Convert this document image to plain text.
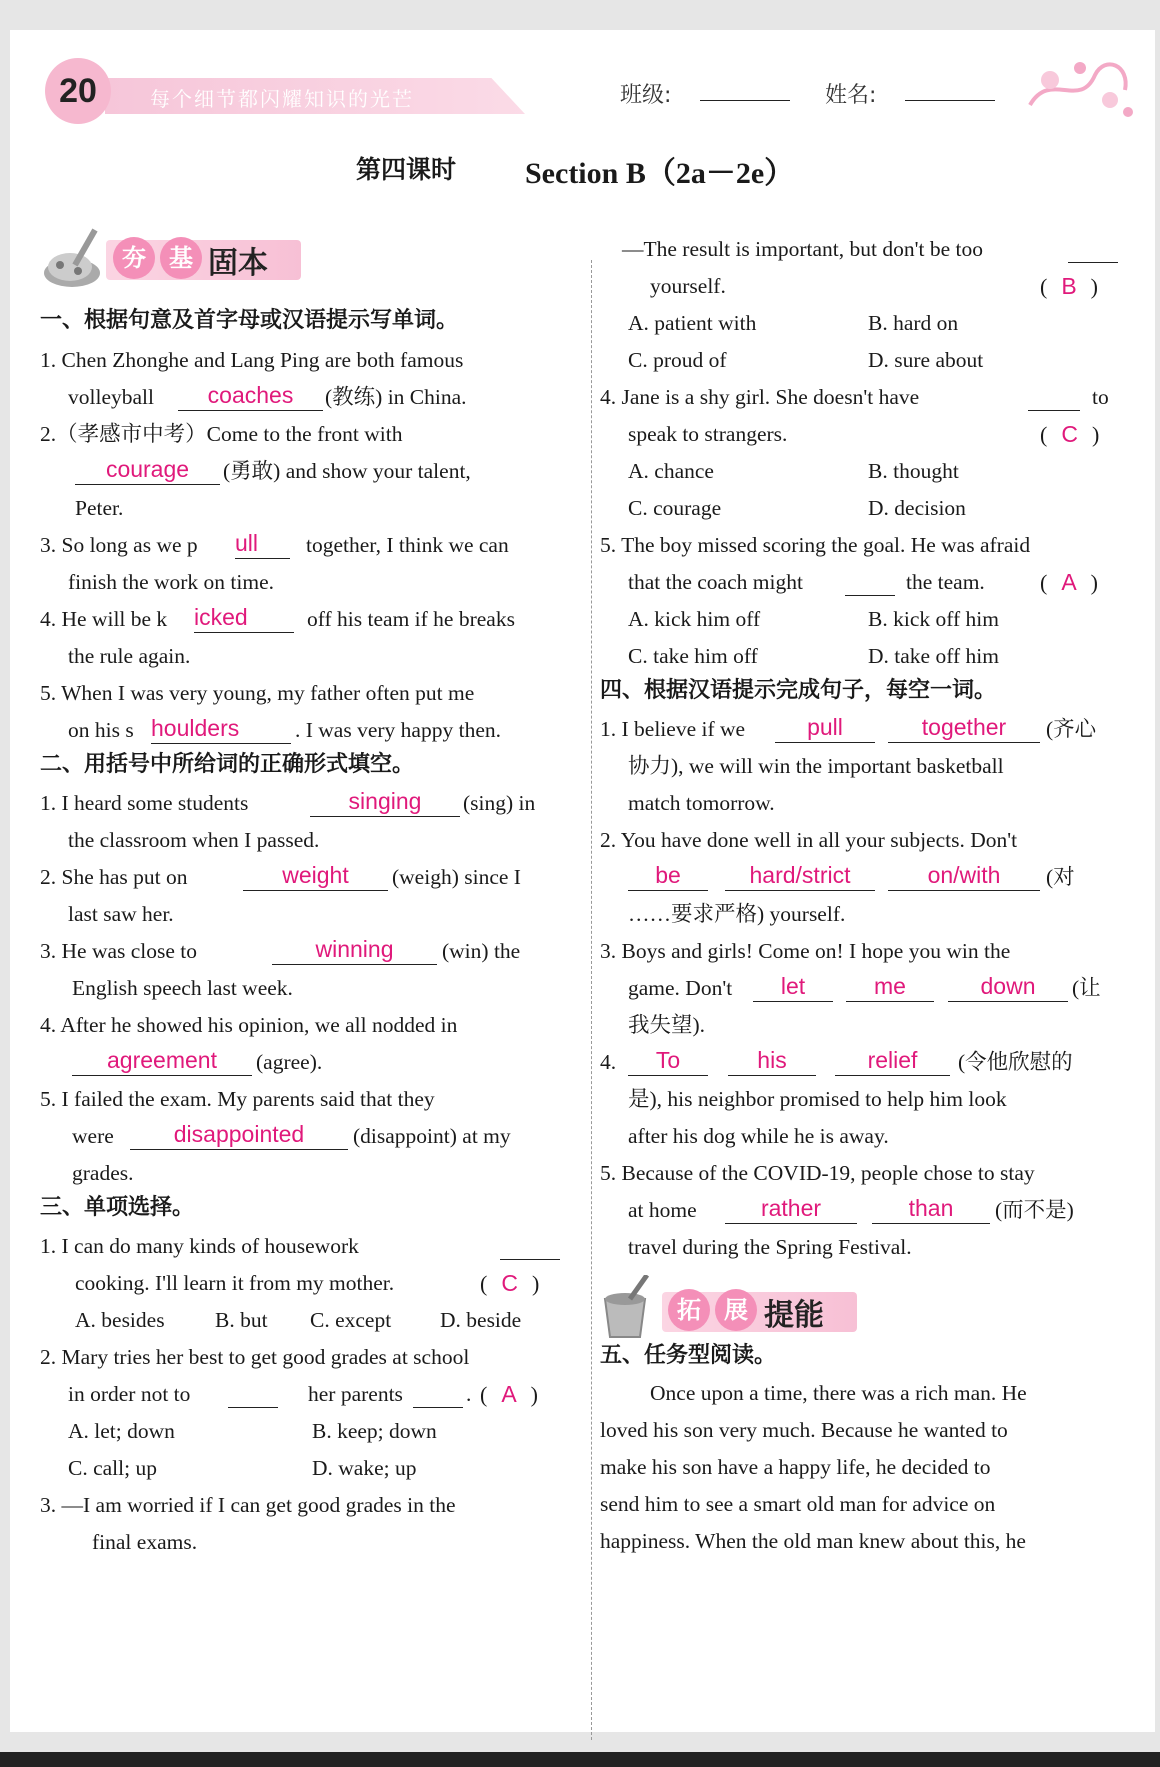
20	每个细节都闪耀知识的光芒	班级:	姓名:
第四课时 Section B（2a－2e）
夯 基 固本
一、根据句意及首字母或汉语提示写单词。
1. Chen Zhonghe and Lang Ping are both famous
volleyball	coaches	(教练) in China.
2.（孝感市中考）Come to the front with
courage	(勇敢) and show your talent,
Peter.
3. So long as we p ull	together, I think we can
finish the work on time.
4. He will be k icked	off his team if he breaks
the rule again.
5. When I was very young, my father often put me
on his s houlders	. I was very happy then.
二、用括号中所给词的正确形式填空。
1. I heard some students	singing	(sing) in
the classroom when I passed.
2. She has put on	weight	(weigh) since I
last saw her.
3. He was close to	winning	(win) the
English speech last week.
4. After he showed his opinion, we all nodded in
agreement	(agree).
5. I failed the exam. My parents said that they
were	disappointed	(disappoint) at my
grades.
三、单项选择。
1. I can do many kinds of housework
cooking. I'll learn it from my mother.	( C )
A. besides B. but C. except D. beside
2. Mary tries her best to get good grades at school
in order not to	her parents	. ( A )
A. let; down	B. keep; down
C. call; up	D. wake; up
3. —I am worried if I can get good grades in the
final exams.
—The result is important, but don't be too
yourself.	( B )
A. patient with	B. hard on
C. proud of	D. sure about
4. Jane is a shy girl. She doesn't have	to
speak to strangers.	( C )
A. chance	B. thought
C. courage	D. decision
5. The boy missed scoring the goal. He was afraid
that the coach might	the team.	( A )
A. kick him off	B. kick off him
C. take him off	D. take off him
四、根据汉语提示完成句子，每空一词。
1. I believe if we	pull	together	(齐心
协力), we will win the important basketball
match tomorrow.
2. You have done well in all your subjects. Don't
be	hard/strict	on/with	(对
……要求严格) yourself.
3. Boys and girls! Come on! I hope you win the
game. Don't	let	me	down	(让
我失望).
4.	To	his	relief	(令他欣慰的
是), his neighbor promised to help him look
after his dog while he is away.
5. Because of the COVID-19, people chose to stay
at home	rather	than	(而不是)
travel during the Spring Festival.
拓 展 提能
五、任务型阅读。
Once upon a time, there was a rich man. He
loved his son very much. Because he wanted to
make his son have a happy life, he decided to
send him to see a smart old man for advice on
happiness. When the old man knew about this, he
